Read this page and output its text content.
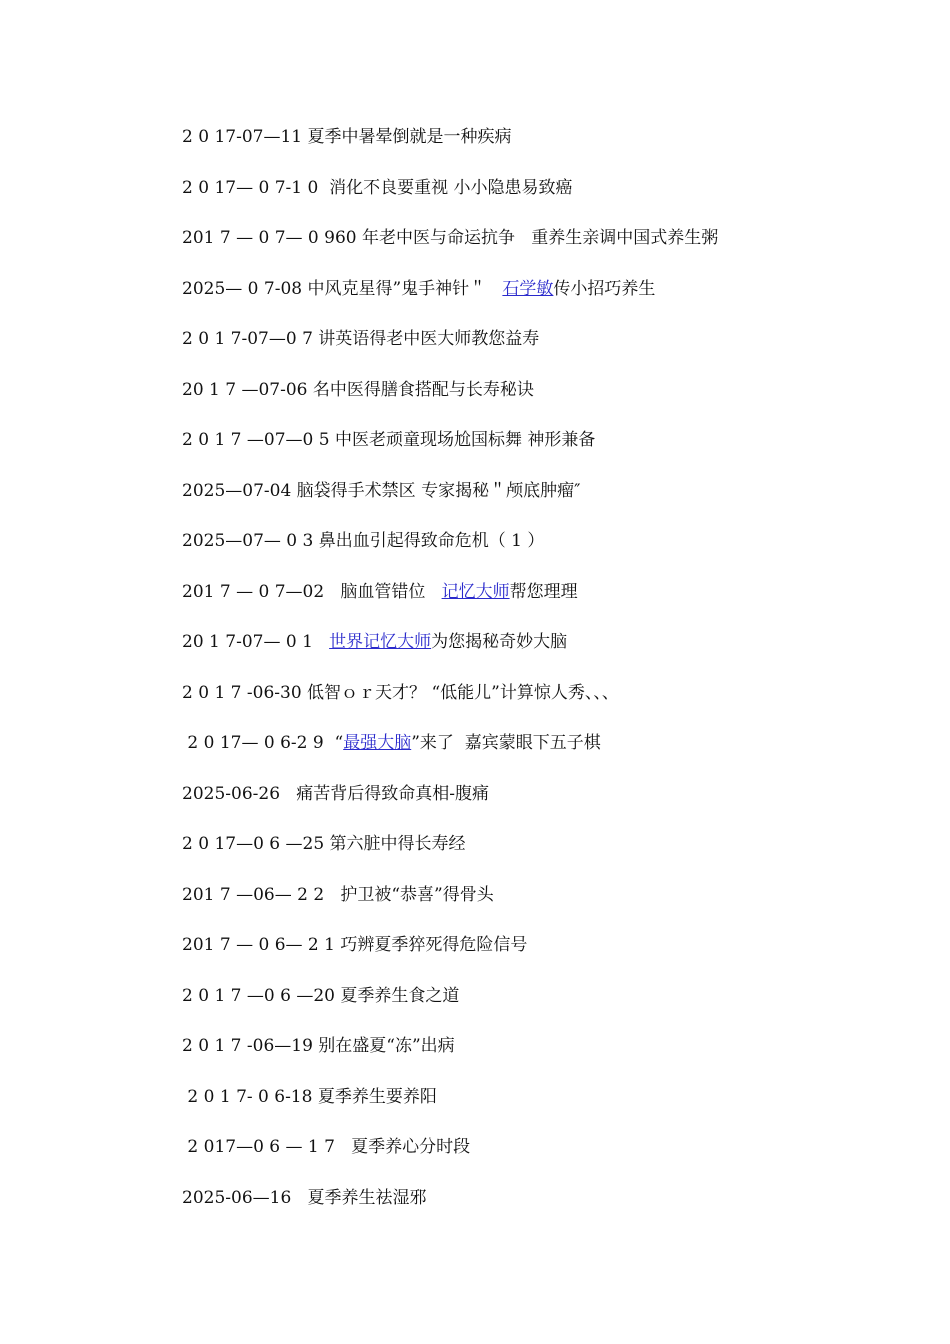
2 0 17-07—11 夏季中暑晕倒就是一种疾病
2 0 17— 0 7-1 0  消化不良要重视 小小隐患易致癌
201 7 — 0 7— 0 960 年老中医与命运抗争   重养生亲调中国式养生粥
2025— 0 7-08 中风克星得”鬼手神针＂   石学敏传小招巧养生
2 0 1 7-07—0 7 讲英语得老中医大师教您益寿
20 1 7 —07-06 名中医得膳食搭配与长寿秘诀
2 0 1 7 —07—0 5 中医老顽童现场尬国标舞 神形兼备
2025—07-04 脑袋得手术禁区 专家揭秘＂颅底肿瘤″
2025—07— 0 3 鼻出血引起得致命危机（ 1 ）
201 7 — 0 7—02   脑血管错位   记忆大师帮您理理
20 1 7-07— 0 1   世界记忆大师为您揭秘奇妙大脑
2 0 1 7 -06-30 低智ｏｒ天才？ “低能儿”计算惊人秀、、、
2 0 17— 0 6-2 9  “最强大脑”来了  嘉宾蒙眼下五子棋
2025-06-26   痛苦背后得致命真相-腹痛
2 0 17—0 6 —25 第六脏中得长寿经
201 7 —06— 2 2   护卫被“恭喜”得骨头
201 7 — 0 6— 2 1 巧辨夏季猝死得危险信号
2 0 1 7 —0 6 —20 夏季养生食之道
2 0 1 7 -06—19 别在盛夏“冻”出病
2 0 1 7- 0 6-18 夏季养生要养阳
2 017—0 6 — 1 7   夏季养心分时段
2025-06—16   夏季养生祛湿邪
